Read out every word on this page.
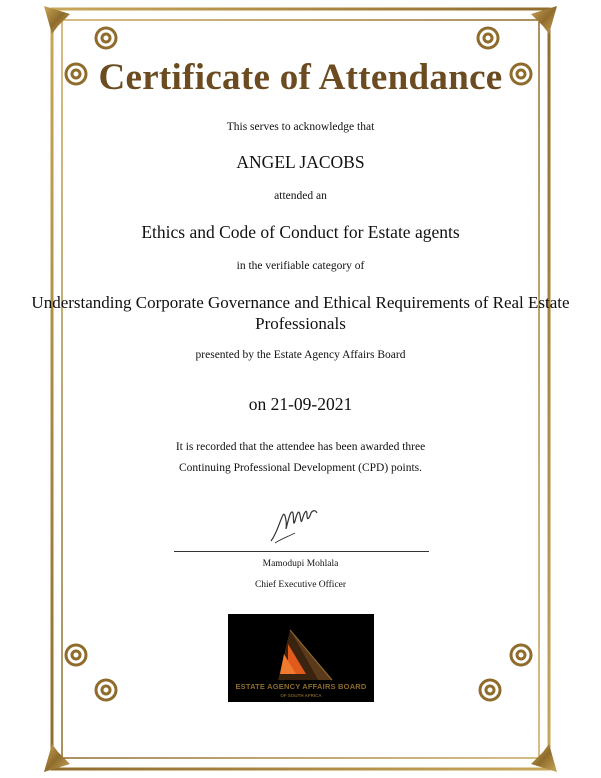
Certificate of Attendance
This serves to acknowledge that
ANGEL JACOBS
attended an
Ethics and Code of Conduct for Estate agents
in the verifiable category of
Understanding Corporate Governance and Ethical Requirements of Real Estate
Professionals
presented by the Estate Agency Affairs Board
on 21-09-2021
It is recorded that the attendee has been awarded three
Continuing Professional Development (CPD) points.
Mamodupi Mohlala
Chief Executive Officer
ESTATE AGENCY AFFAIRS BOARD
OF SOUTH AFRICA
